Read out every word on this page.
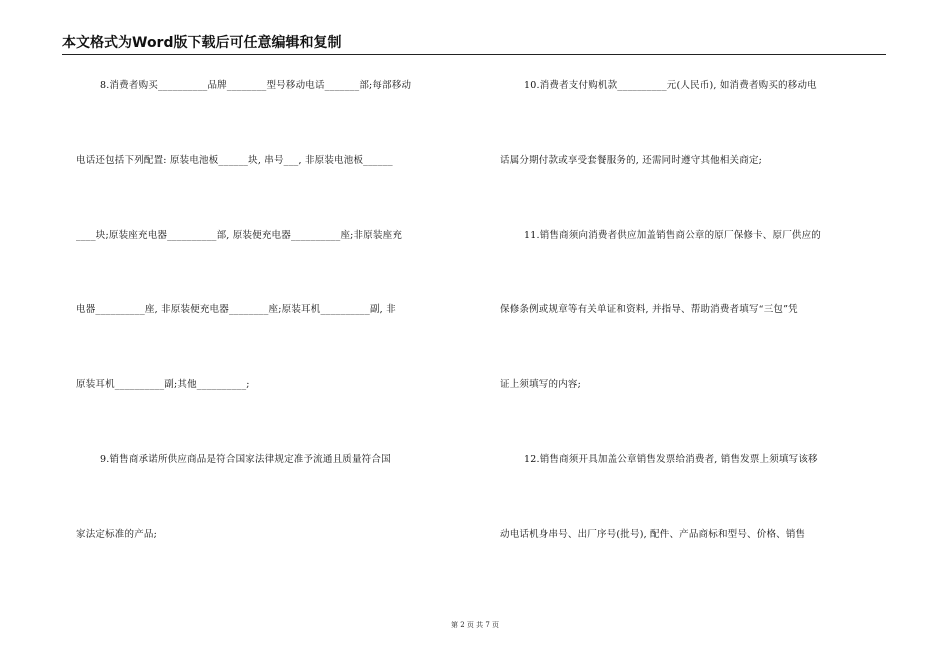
本文格式为Word版下载后可任意编辑和复制
8.消费者购买__________品牌________型号移动电话_______部;每部移动
电话还包括下列配置: 原装电池板______块, 串号___, 非原装电池板______
____块;原装座充电器__________部, 原装便充电器__________座;非原装座充
电器__________座, 非原装便充电器________座;原装耳机__________副, 非
原装耳机__________副;其他__________;
9.销售商承诺所供应商品是符合国家法律规定准予流通且质量符合国
家法定标准的产品;
10.消费者支付购机款__________元(人民币), 如消费者购买的移动电
话属分期付款或享受套餐服务的, 还需同时遵守其他相关商定;
11.销售商须向消费者供应加盖销售商公章的原厂保修卡、原厂供应的
保修条例或规章等有关单证和资料, 并指导、帮助消费者填写“三包”凭
证上须填写的内容;
12.销售商须开具加盖公章销售发票给消费者, 销售发票上须填写该移
动电话机身串号、出厂序号(批号), 配件、产品商标和型号、价格、销售
第 2 页 共 7 页
